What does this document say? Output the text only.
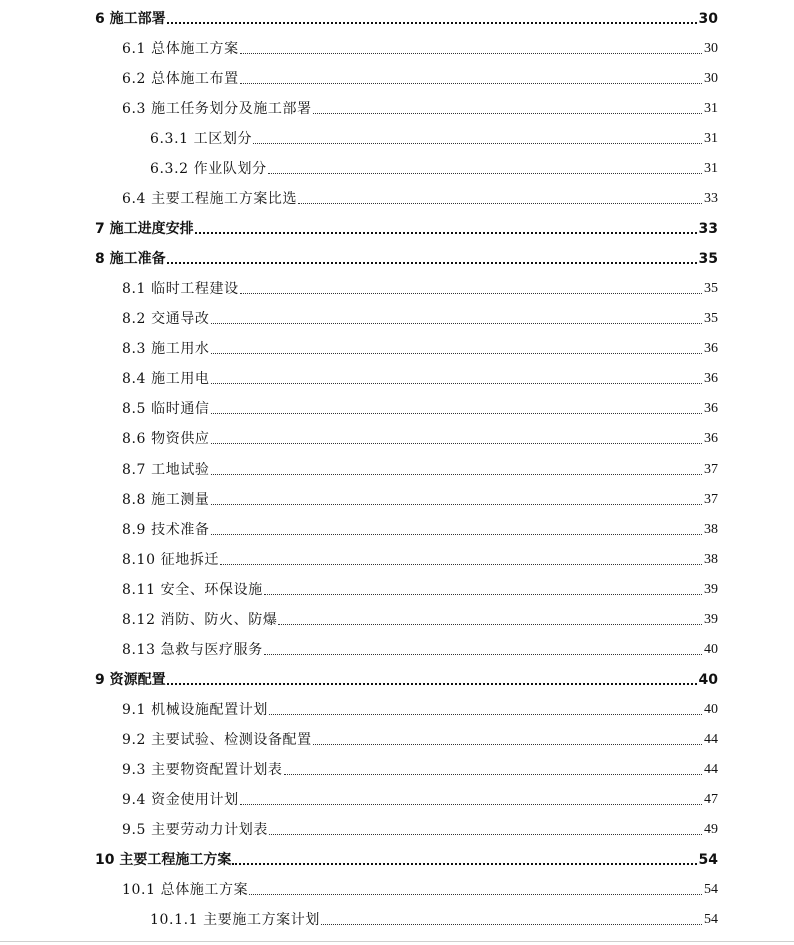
6 施工部署	30
6.1 总体施工方案	30
6.2 总体施工布置	30
6.3 施工任务划分及施工部署	31
6.3.1 工区划分	31
6.3.2 作业队划分	31
6.4 主要工程施工方案比选	33
7 施工进度安排	33
8 施工准备	35
8.1 临时工程建设	35
8.2 交通导改	35
8.3 施工用水	36
8.4 施工用电	36
8.5 临时通信	36
8.6 物资供应	36
8.7 工地试验	37
8.8 施工测量	37
8.9 技术准备	38
8.10 征地拆迁	38
8.11 安全、环保设施	39
8.12 消防、防火、防爆	39
8.13 急救与医疗服务	40
9 资源配置	40
9.1 机械设施配置计划	40
9.2 主要试验、检测设备配置	44
9.3 主要物资配置计划表	44
9.4 资金使用计划	47
9.5 主要劳动力计划表	49
10 主要工程施工方案	54
10.1 总体施工方案	54
10.1.1 主要施工方案计划	54
